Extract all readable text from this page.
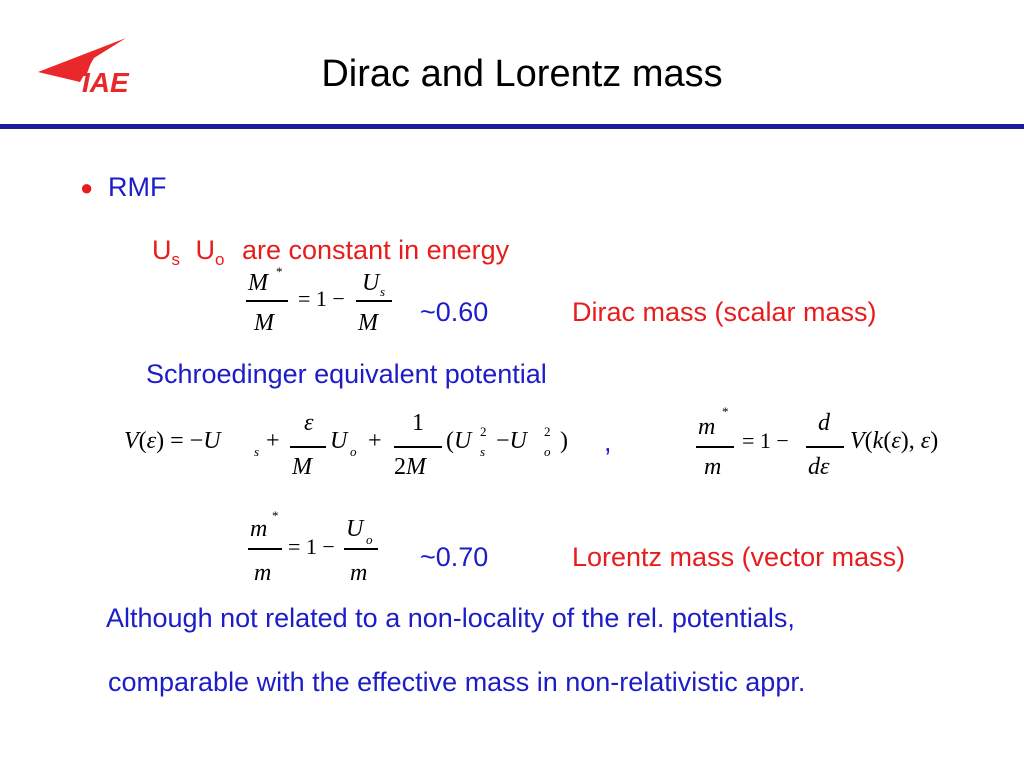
IAE	Dirac and Lorentz mass
● RMF
$U_s$ $U_o$ are constant in energy
M *
M
= 1 −
U s
M ~0.60	Dirac mass (scalar mass)
Schroedinger equivalent potential
V(ε) = −U	s +
ε
M
U o +
1
2M
(U 2
s −U 2
o ) ,	m
*
m
= 1 −
d
dε
V(k(ε), ε)
m
*
m
= 1 −
U o
m
~0.70	Lorentz mass (vector mass)
Although not related to a non-locality of the rel. potentials,
comparable with the effective mass in non-relativistic appr.
